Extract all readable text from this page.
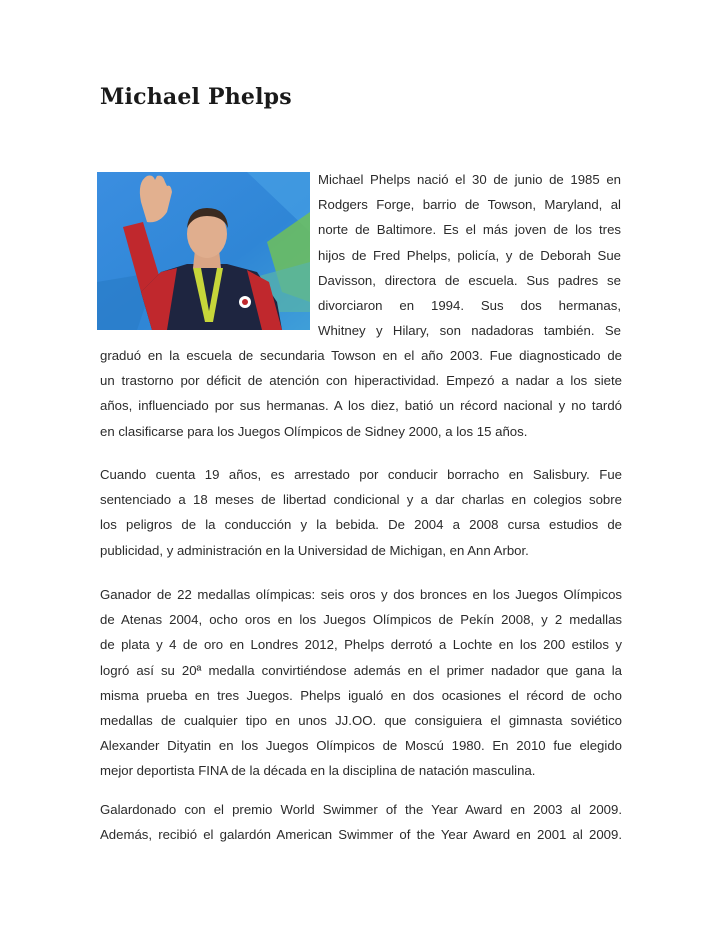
Michael Phelps
Michael Phelps nació el 30 de junio de 1985 en
Rodgers Forge, barrio de Towson, Maryland, al
norte de Baltimore. Es el más joven de los tres
hijos de Fred Phelps, policía, y de Deborah Sue
Davisson, directora de escuela. Sus padres se
divorciaron en 1994. Sus dos hermanas,
Whitney y Hilary, son nadadoras también. Se
graduó en la escuela de secundaria Towson en el año 2003. Fue diagnosticado de
un trastorno por déficit de atención con hiperactividad. Empezó a nadar a los siete
años, influenciado por sus hermanas. A los diez, batió un récord nacional y no tardó
en clasificarse para los Juegos Olímpicos de Sidney 2000, a los 15 años.
Cuando cuenta 19 años, es arrestado por conducir borracho en Salisbury. Fue
sentenciado a 18 meses de libertad condicional y a dar charlas en colegios sobre
los peligros de la conducción y la bebida. De 2004 a 2008 cursa estudios de
publicidad, y administración en la Universidad de Michigan, en Ann Arbor.
Ganador de 22 medallas olímpicas: seis oros y dos bronces en los Juegos Olímpicos
de Atenas 2004, ocho oros en los Juegos Olímpicos de Pekín 2008, y 2 medallas
de plata y 4 de oro en Londres 2012, Phelps derrotó a Lochte en los 200 estilos y
logró así su 20ª medalla convirtiéndose además en el primer nadador que gana la
misma prueba en tres Juegos. Phelps igualó en dos ocasiones el récord de ocho
medallas de cualquier tipo en unos JJ.OO. que consiguiera el gimnasta soviético
Alexander Dityatin en los Juegos Olímpicos de Moscú 1980. En 2010 fue elegido
mejor deportista FINA de la década en la disciplina de natación masculina.
Galardonado con el premio World Swimmer of the Year Award en 2003 al 2009.
Además, recibió el galardón American Swimmer of the Year Award en 2001 al 2009.
